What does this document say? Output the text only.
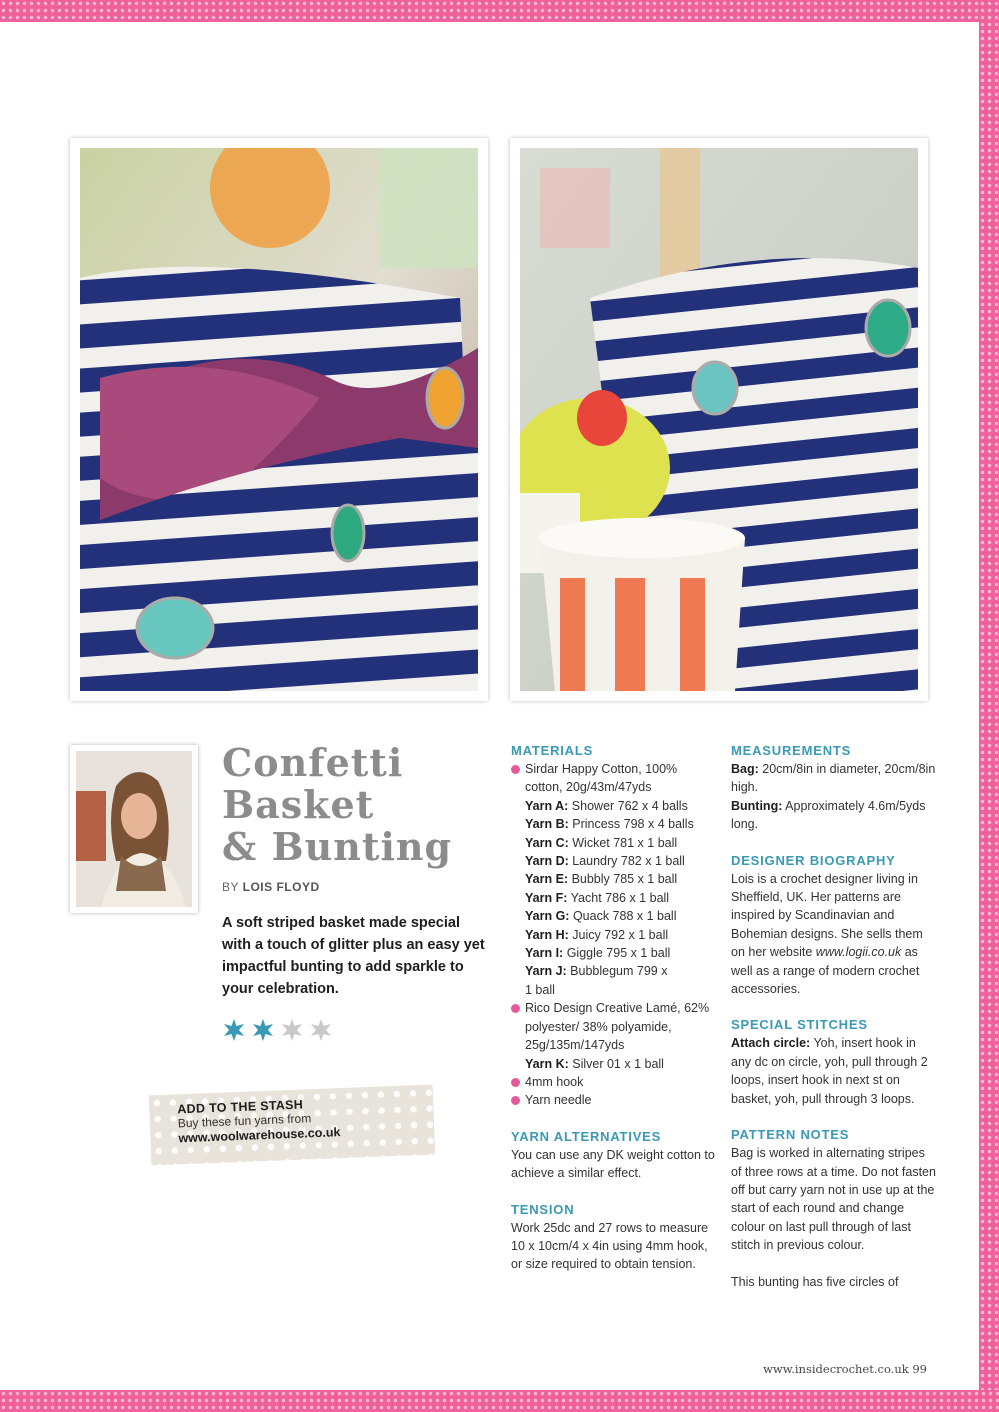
Confetti
Basket
& Bunting
BY LOIS FLOYD
A soft striped basket made special with a touch of glitter plus an easy yet impactful bunting to add sparkle to your celebration.
ADD TO THE STASH
Buy these fun yarns from
www.woolwarehouse.co.uk
MATERIALS
Sirdar Happy Cotton, 100% cotton, 20g/43m/47yds
Yarn A: Shower 762 x 4 balls
Yarn B: Princess 798 x 4 balls
Yarn C: Wicket 781 x 1 ball
Yarn D: Laundry 782 x 1 ball
Yarn E: Bubbly 785 x 1 ball
Yarn F: Yacht 786 x 1 ball
Yarn G: Quack 788 x 1 ball
Yarn H: Juicy 792 x 1 ball
Yarn I: Giggle 795 x 1 ball
Yarn J: Bubblegum 799 x 1 ball
Rico Design Creative Lamé, 62% polyester/ 38% polyamide, 25g/135m/147yds
Yarn K: Silver 01 x 1 ball
4mm hook
Yarn needle
YARN ALTERNATIVES
You can use any DK weight cotton to achieve a similar effect.
TENSION
Work 25dc and 27 rows to measure 10 x 10cm/4 x 4in using 4mm hook, or size required to obtain tension.
MEASUREMENTS
Bag: 20cm/8in in diameter, 20cm/8in high.
Bunting: Approximately 4.6m/5yds long.
DESIGNER BIOGRAPHY
Lois is a crochet designer living in Sheffield, UK. Her patterns are inspired by Scandinavian and Bohemian designs. She sells them on her website www.logii.co.uk as well as a range of modern crochet accessories.
SPECIAL STITCHES
Attach circle: Yoh, insert hook in any dc on circle, yoh, pull through 2 loops, insert hook in next st on basket, yoh, pull through 3 loops.
PATTERN NOTES
Bag is worked in alternating stripes of three rows at a time. Do not fasten off but carry yarn not in use up at the start of each round and change colour on last pull through of last stitch in previous colour.
This bunting has five circles of
www.insidecrochet.co.uk 99
